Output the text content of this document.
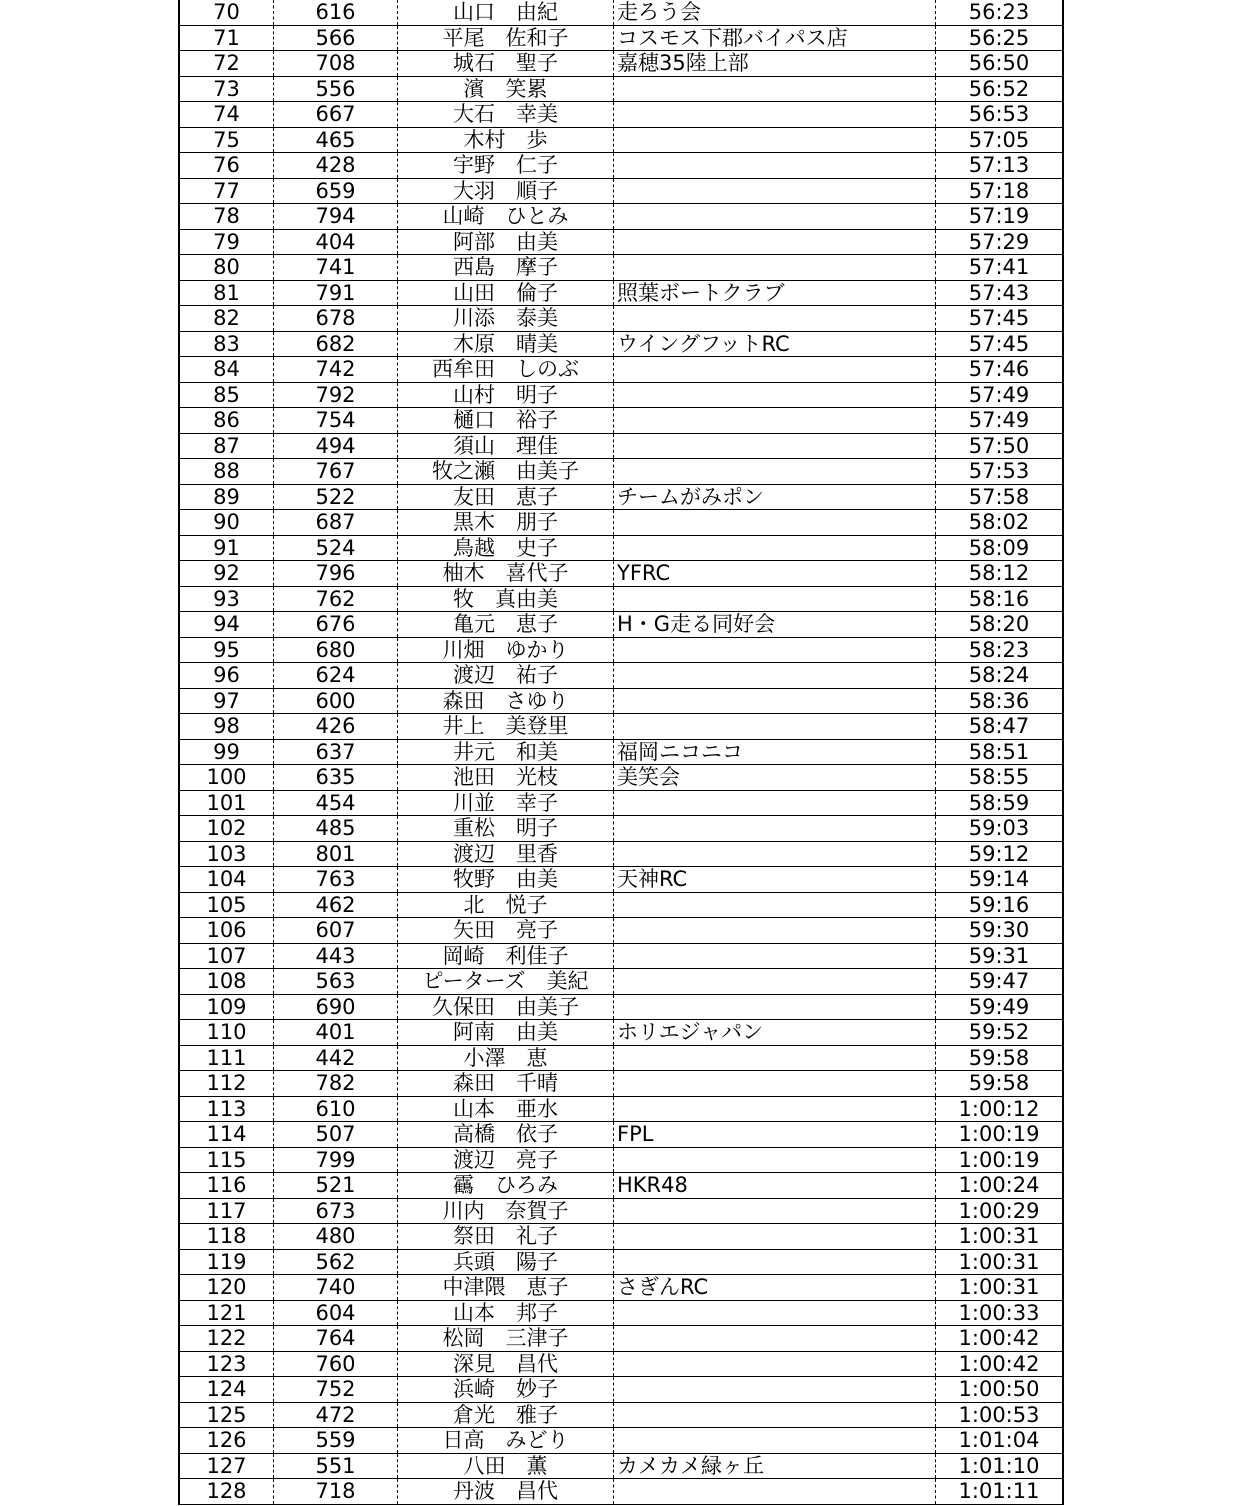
70	616	山口　由紀	走ろう会	56:23
71	566	平尾　佐和子	コスモス下郡バイパス店	56:25
72	708	城石　聖子	嘉穂35陸上部	56:50
73	556	濱　笑累		56:52
74	667	大石　幸美		56:53
75	465	木村　歩		57:05
76	428	宇野　仁子		57:13
77	659	大羽　順子		57:18
78	794	山崎　ひとみ		57:19
79	404	阿部　由美		57:29
80	741	西島　摩子		57:41
81	791	山田　倫子	照葉ボートクラブ	57:43
82	678	川添　泰美		57:45
83	682	木原　晴美	ウイングフットRC	57:45
84	742	西牟田　しのぶ		57:46
85	792	山村　明子		57:49
86	754	樋口　裕子		57:49
87	494	須山　理佳		57:50
88	767	牧之瀬　由美子		57:53
89	522	友田　恵子	チームがみポン	57:58
90	687	黒木　朋子		58:02
91	524	鳥越　史子		58:09
92	796	柚木　喜代子	YFRC	58:12
93	762	牧　真由美		58:16
94	676	亀元　恵子	H・G走る同好会	58:20
95	680	川畑　ゆかり		58:23
96	624	渡辺　祐子		58:24
97	600	森田　さゆり		58:36
98	426	井上　美登里		58:47
99	637	井元　和美	福岡ニコニコ	58:51
100	635	池田　光枝	美笑会	58:55
101	454	川並　幸子		58:59
102	485	重松　明子		59:03
103	801	渡辺　里香		59:12
104	763	牧野　由美	天神RC	59:14
105	462	北　悦子		59:16
106	607	矢田　亮子		59:30
107	443	岡崎　利佳子		59:31
108	563	ピーターズ　美紀		59:47
109	690	久保田　由美子		59:49
110	401	阿南　由美	ホリエジャパン	59:52
111	442	小澤　恵		59:58
112	782	森田　千晴		59:58
113	610	山本　亜水		1:00:12
114	507	高橋　依子	FPL	1:00:19
115	799	渡辺　亮子		1:00:19
116	521	靍　ひろみ	HKR48	1:00:24
117	673	川内　奈賀子		1:00:29
118	480	祭田　礼子		1:00:31
119	562	兵頭　陽子		1:00:31
120	740	中津隈　恵子	さぎんRC	1:00:31
121	604	山本　邦子		1:00:33
122	764	松岡　三津子		1:00:42
123	760	深見　昌代		1:00:42
124	752	浜崎　妙子		1:00:50
125	472	倉光　雅子		1:00:53
126	559	日高　みどり		1:01:04
127	551	八田　薫	カメカメ緑ヶ丘	1:01:10
128	718	丹波　昌代		1:01:11
